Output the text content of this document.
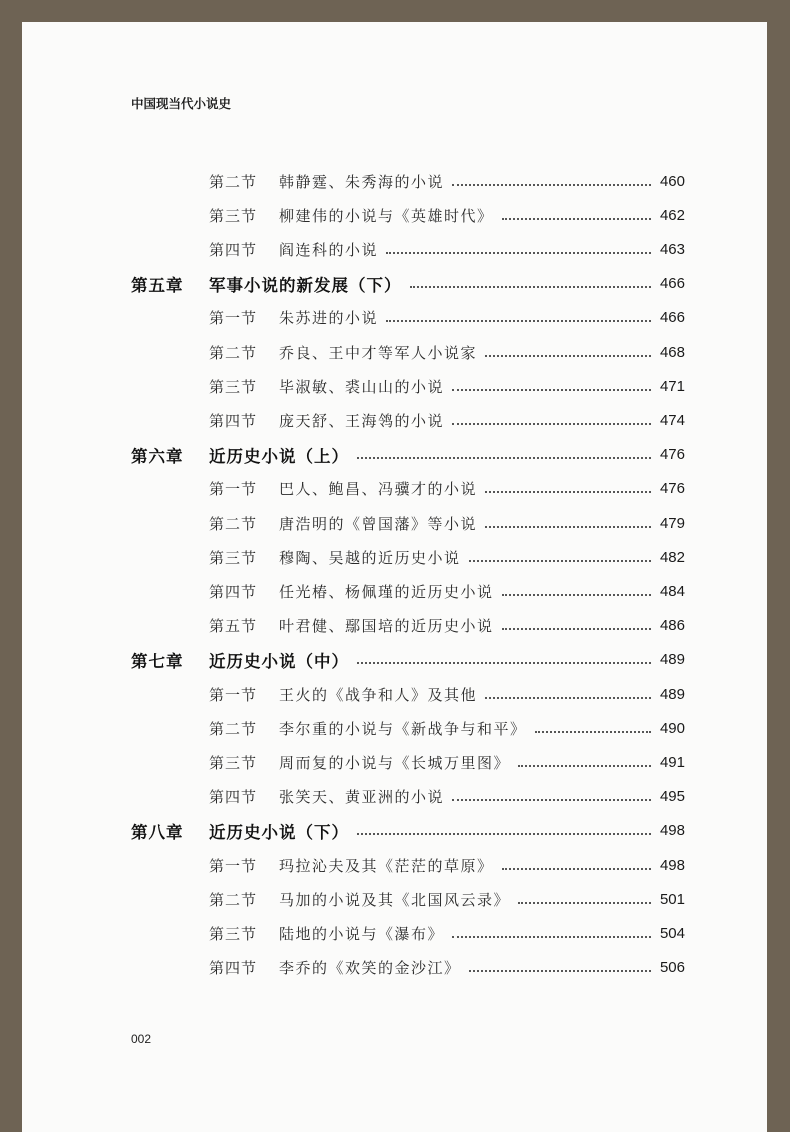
中国现当代小说史
第二节	韩静霆、朱秀海的小说	460
第三节	柳建伟的小说与《英雄时代》	462
第四节	阎连科的小说	463
第五章	军事小说的新发展（下）	466
第一节	朱苏进的小说	466
第二节	乔良、王中才等军人小说家	468
第三节	毕淑敏、裘山山的小说	471
第四节	庞天舒、王海鸰的小说	474
第六章	近历史小说（上）	476
第一节	巴人、鲍昌、冯骥才的小说	476
第二节	唐浩明的《曾国藩》等小说	479
第三节	穆陶、吴越的近历史小说	482
第四节	任光椿、杨佩瑾的近历史小说	484
第五节	叶君健、鄢国培的近历史小说	486
第七章	近历史小说（中）	489
第一节	王火的《战争和人》及其他	489
第二节	李尔重的小说与《新战争与和平》	490
第三节	周而复的小说与《长城万里图》	491
第四节	张笑天、黄亚洲的小说	495
第八章	近历史小说（下）	498
第一节	玛拉沁夫及其《茫茫的草原》	498
第二节	马加的小说及其《北国风云录》	501
第三节	陆地的小说与《瀑布》	504
第四节	李乔的《欢笑的金沙江》	506
002
